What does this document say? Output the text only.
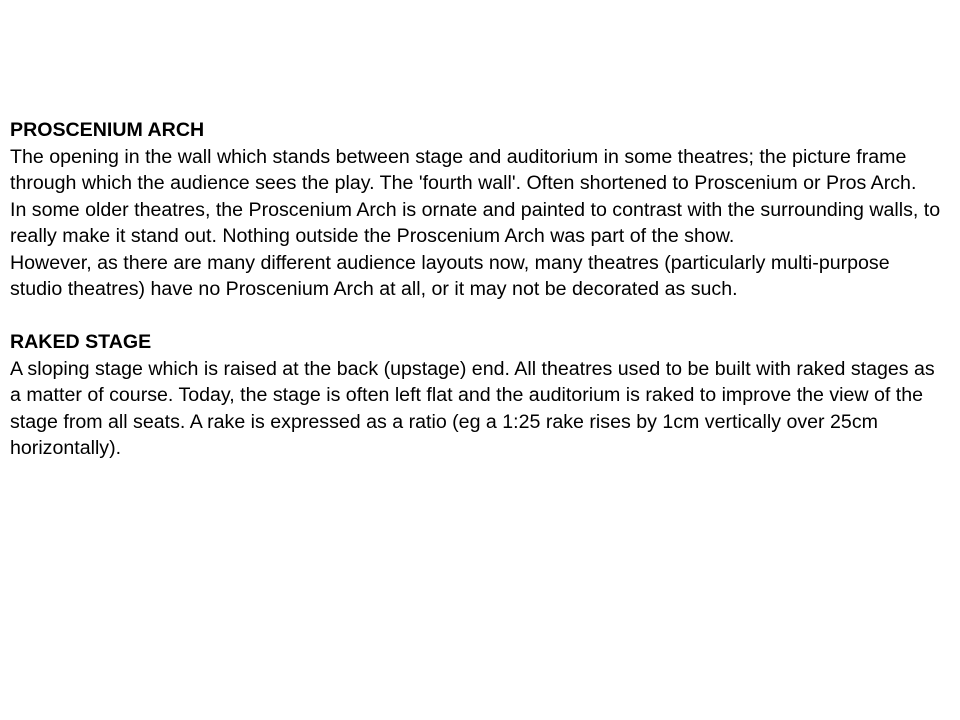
PROSCENIUM ARCH

The opening in the wall which stands between stage and auditorium in some theatres; the picture frame through which the audience sees the play. The 'fourth wall'. Often shortened to Proscenium or Pros Arch.

In some older theatres, the Proscenium Arch is ornate and painted to contrast with the surrounding walls, to really make it stand out. Nothing outside the Proscenium Arch was part of the show.

However, as there are many different audience layouts now, many theatres (particularly multi-purpose studio theatres) have no Proscenium Arch at all, or it may not be decorated as such.

RAKED STAGE

A sloping stage which is raised at the back (upstage) end. All theatres used to be built with raked stages as a matter of course. Today, the stage is often left flat and the auditorium is raked to improve the view of the stage from all seats. A rake is expressed as a ratio (eg a 1:25 rake rises by 1cm vertically over 25cm horizontally).
